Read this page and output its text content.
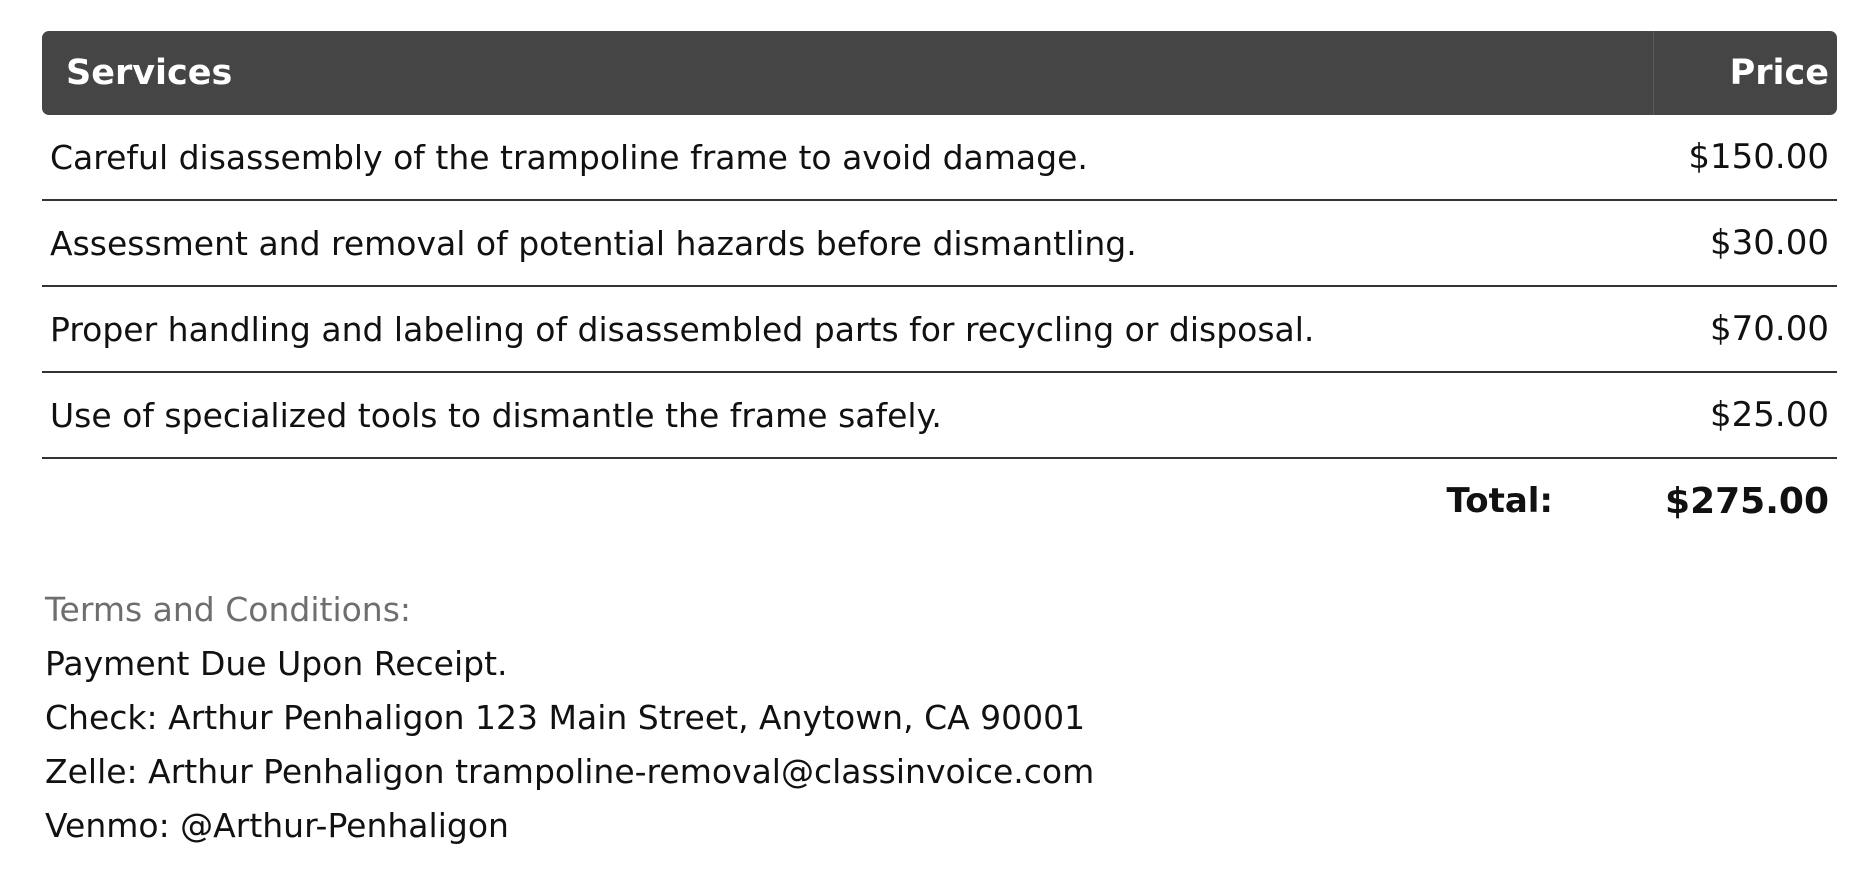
Services	Price
Careful disassembly of the trampoline frame to avoid damage.	$150.00
Assessment and removal of potential hazards before dismantling.	$30.00
Proper handling and labeling of disassembled parts for recycling or disposal.	$70.00
Use of specialized tools to dismantle the frame safely.	$25.00
Total:	$275.00
Terms and Conditions:
Payment Due Upon Receipt.
Check: Arthur Penhaligon 123 Main Street, Anytown, CA 90001
Zelle: Arthur Penhaligon trampoline-removal@classinvoice.com
Venmo: @Arthur-Penhaligon
